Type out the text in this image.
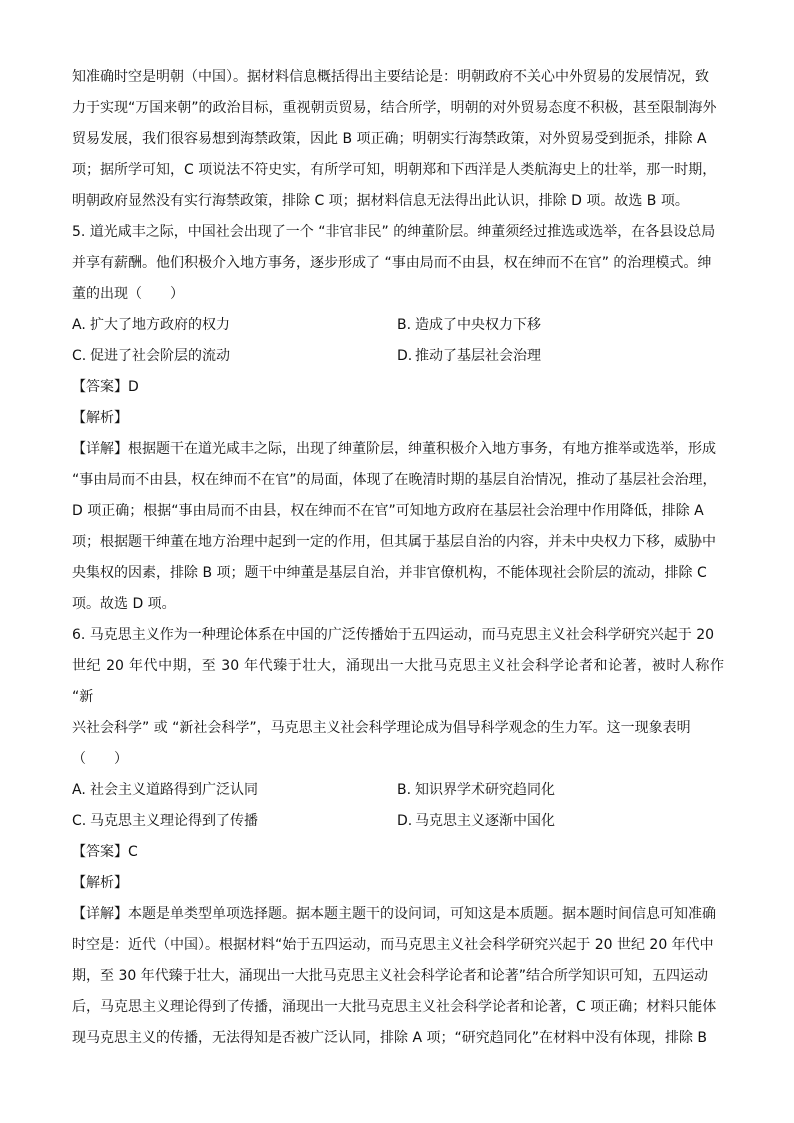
知准确时空是明朝（中国）。据材料信息概括得出主要结论是：明朝政府不关心中外贸易的发展情况，致

力于实现“万国来朝”的政治目标，重视朝贡贸易，结合所学，明朝的对外贸易态度不积极，甚至限制海外

贸易发展，我们很容易想到海禁政策，因此 B 项正确；明朝实行海禁政策，对外贸易受到扼杀，排除 A

项；据所学可知，C 项说法不符史实，有所学可知，明朝郑和下西洋是人类航海史上的壮举，那一时期，

明朝政府显然没有实行海禁政策，排除 C 项；据材料信息无法得出此认识，排除 D 项。故选 B 项。

5. 道光咸丰之际，中国社会出现了一个 “非官非民” 的绅董阶层。绅董须经过推选或选举，在各县设总局

并享有薪酬。他们积极介入地方事务，逐步形成了 “事由局而不由县，权在绅而不在官” 的治理模式。绅

董的出现（　　）

A. 扩大了地方政府的权力	B. 造成了中央权力下移
C. 促进了社会阶层的流动	D. 推动了基层社会治理

【答案】D

【解析】

【详解】根据题干在道光咸丰之际，出现了绅董阶层，绅董积极介入地方事务，有地方推举或选举，形成

“事由局而不由县，权在绅而不在官”的局面，体现了在晚清时期的基层自治情况，推动了基层社会治理，

D 项正确；根据“事由局而不由县，权在绅而不在官”可知地方政府在基层社会治理中作用降低，排除 A

项；根据题干绅董在地方治理中起到一定的作用，但其属于基层自治的内容，并未中央权力下移，威胁中

央集权的因素，排除 B 项；题干中绅董是基层自治，并非官僚机构，不能体现社会阶层的流动，排除 C

项。故选 D 项。

6. 马克思主义作为一种理论体系在中国的广泛传播始于五四运动，而马克思主义社会科学研究兴起于 20

世纪 20 年代中期，至 30 年代臻于壮大，涌现出一大批马克思主义社会科学论者和论著，被时人称作 “新

兴社会科学” 或 “新社会科学”，马克思主义社会科学理论成为倡导科学观念的生力军。这一现象表明

（　　）

A. 社会主义道路得到广泛认同	B. 知识界学术研究趋同化
C. 马克思主义理论得到了传播	D. 马克思主义逐渐中国化

【答案】C

【解析】

【详解】本题是单类型单项选择题。据本题主题干的设问词，可知这是本质题。据本题时间信息可知准确

时空是：近代（中国）。根据材料“始于五四运动，而马克思主义社会科学研究兴起于 20 世纪 20 年代中

期，至 30 年代臻于壮大，涌现出一大批马克思主义社会科学论者和论著”结合所学知识可知，五四运动

后，马克思主义理论得到了传播，涌现出一大批马克思主义社会科学论者和论著，C 项正确；材料只能体

现马克思主义的传播，无法得知是否被广泛认同，排除 A 项；“研究趋同化”在材料中没有体现，排除 B
